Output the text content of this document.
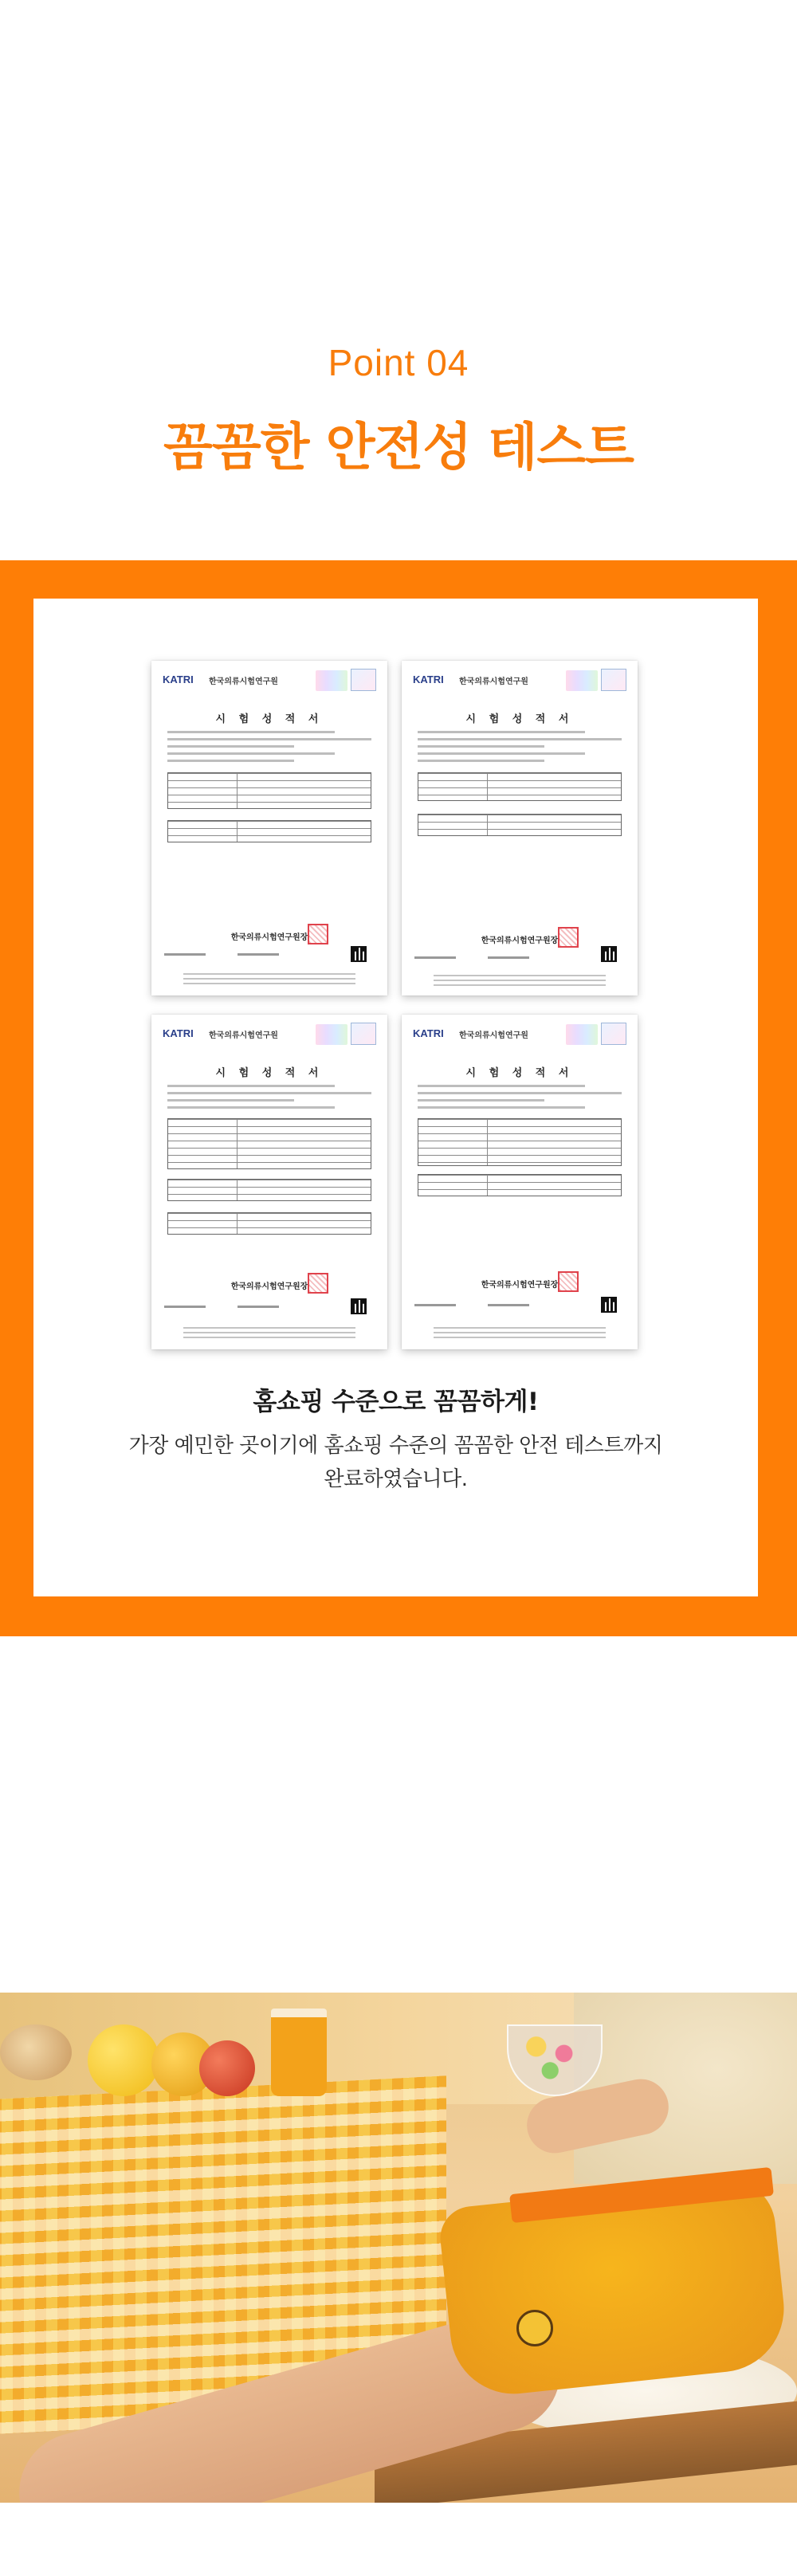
Point 04
꼼꼼한 안전성 테스트
KATRI 한국의류시험연구원
시 험 성 적 서
한국의류시험연구원장
KATRI 한국의류시험연구원
시 험 성 적 서
한국의류시험연구원장
KATRI 한국의류시험연구원
시 험 성 적 서
한국의류시험연구원장
KATRI 한국의류시험연구원
시 험 성 적 서
한국의류시험연구원장
홈쇼핑 수준으로 꼼꼼하게!
가장 예민한 곳이기에 홈쇼핑 수준의 꼼꼼한 안전 테스트까지
완료하였습니다.
